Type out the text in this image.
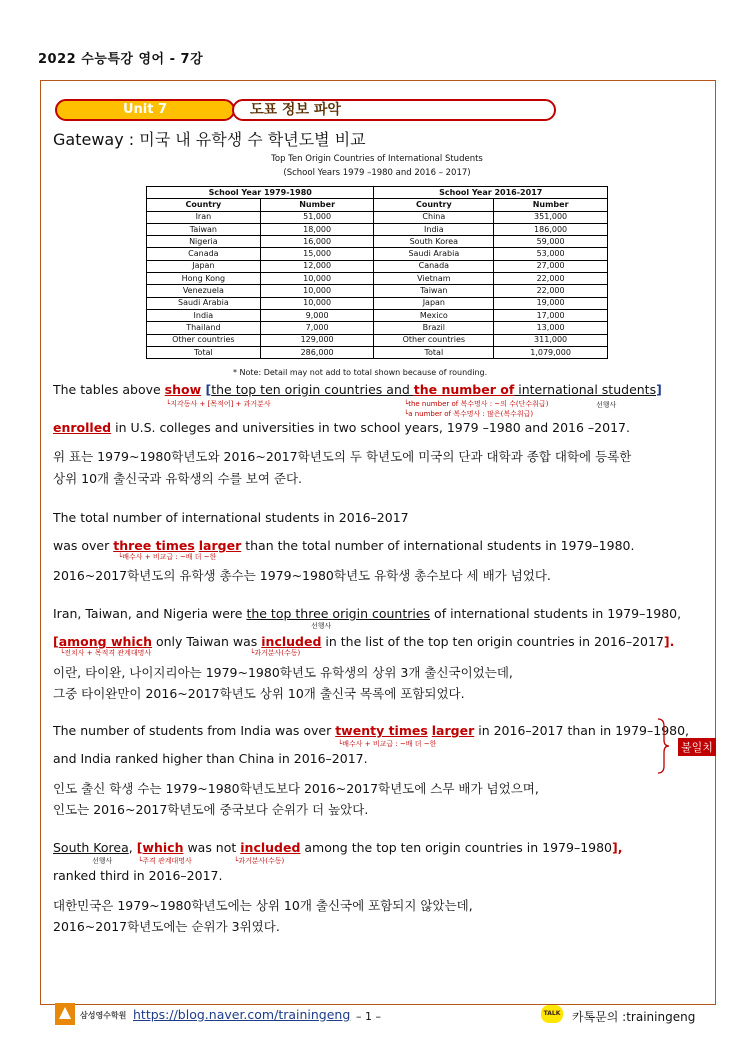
2022 수능특강 영어 - 7강
Unit 7	도표 정보 파악
Gateway : 미국 내 유학생 수 학년도별 비교
Top Ten Origin Countries of International Students
(School Years 1979 –1980 and 2016 – 2017)
School Year 1979-1980		School Year 2016-2017	
Country	Number	Country	Number
Iran	51,000	China	351,000
Taiwan	18,000	India	186,000
Nigeria	16,000	South Korea	59,000
Canada	15,000	Saudi Arabia	53,000
Japan	12,000	Canada	27,000
Hong Kong	10,000	Vietnam	22,000
Venezuela	10,000	Taiwan	22,000
Saudi Arabia	10,000	Japan	19,000
India	9,000	Mexico	17,000
Thailand	7,000	Brazil	13,000
Other countries	129,000	Other countries	311,000
Total	286,000	Total	1,079,000
* Note: Detail may not add to total shown because of rounding.
The tables above show [the top ten origin countries and the number of international students]
└지각동사 + [목적어] + 과거분사	└the number of 복수명사 : ~의 수(단수취급)
└a number of 복수명사 : 많은(복수취급)
선행사
enrolled in U.S. colleges and universities in two school years, 1979 –1980 and 2016 –2017.
위 표는 1979~1980학년도와 2016~2017학년도의 두 학년도에 미국의 단과 대학과 종합 대학에 등록한
상위 10개 출신국과 유학생의 수를 보여 준다.
The total number of international students in 2016–2017
was over three times larger than the total number of international students in 1979–1980.
└배수사 + 비교급 : ~배 더 ~한
2016~2017학년도의 유학생 총수는 1979~1980학년도 유학생 총수보다 세 배가 넘었다.
Iran, Taiwan, and Nigeria were the top three origin countries of international students in 1979–1980,
선행사
[among which only Taiwan was included in the list of the top ten origin countries in 2016–2017].
└전치사 + 목적격 관계대명사	└과거분사(수동)
이란, 타이완, 나이지리아는 1979~1980학년도 유학생의 상위 3개 출신국이었는데,
그중 타이완만이 2016~2017학년도 상위 10개 출신국 목록에 포함되었다.
The number of students from India was over twenty times larger in 2016–2017 than in 1979–1980,
└배수사 + 비교급 : ~배 더 ~한
and India ranked higher than China in 2016–2017.
불일치
인도 출신 학생 수는 1979~1980학년도보다 2016~2017학년도에 스무 배가 넘었으며,
인도는 2016~2017학년도에 중국보다 순위가 더 높았다.
South Korea, [which was not included among the top ten origin countries in 1979–1980],
선행사	└주격 관계대명사	└과거분사(수동)
ranked third in 2016–2017.
대한민국은 1979~1980학년도에는 상위 10개 출신국에 포함되지 않았는데,
2016~2017학년도에는 순위가 3위였다.
삼성영수학원 https://blog.naver.com/trainingeng – 1 –	TALK 카톡문의 :trainingeng
